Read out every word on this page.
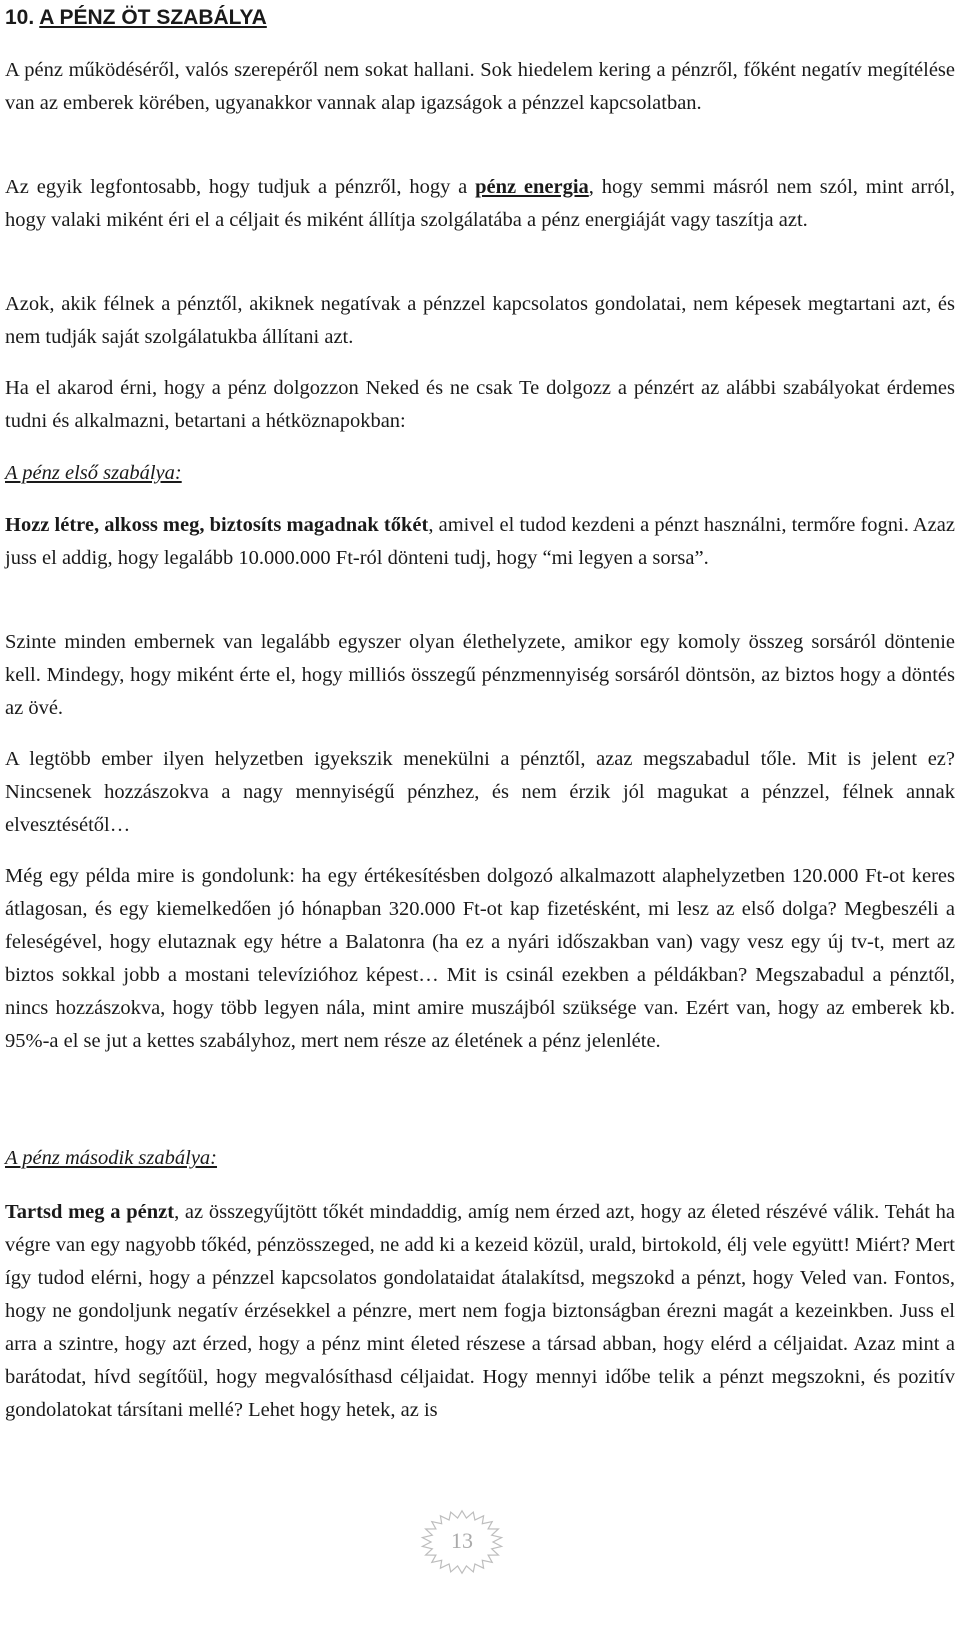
10. A PÉNZ ÖT SZABÁLYA

A pénz működéséről, valós szerepéről nem sokat hallani. Sok hiedelem kering a pénzről, főként negatív megítélése van az emberek körében, ugyanakkor vannak alap igazságok a pénzzel kapcsolatban.

Az egyik legfontosabb, hogy tudjuk a pénzről, hogy a pénz energia, hogy semmi másról nem szól, mint arról, hogy valaki miként éri el a céljait és miként állítja szolgálatába a pénz energiáját vagy taszítja azt.

Azok, akik félnek a pénztől, akiknek negatívak a pénzzel kapcsolatos gondolatai, nem képesek megtartani azt, és nem tudják saját szolgálatukba állítani azt.

Ha el akarod érni, hogy a pénz dolgozzon Neked és ne csak Te dolgozz a pénzért az alábbi szabályokat érdemes tudni és alkalmazni, betartani a hétköznapokban:

A pénz első szabálya:

Hozz létre, alkoss meg, biztosíts magadnak tőkét, amivel el tudod kezdeni a pénzt használni, termőre fogni. Azaz juss el addig, hogy legalább 10.000.000 Ft-ról dönteni tudj, hogy “mi legyen a sorsa”.

Szinte minden embernek van legalább egyszer olyan élethelyzete, amikor egy komoly összeg sorsáról döntenie kell. Mindegy, hogy miként érte el, hogy milliós összegű pénzmennyiség sorsáról döntsön, az biztos hogy a döntés az övé.

A legtöbb ember ilyen helyzetben igyekszik menekülni a pénztől, azaz megszabadul tőle. Mit is jelent ez? Nincsenek hozzászokva a nagy mennyiségű pénzhez, és nem érzik jól magukat a pénzzel, félnek annak elvesztésétől…

Még egy példa mire is gondolunk: ha egy értékesítésben dolgozó alkalmazott alaphelyzetben 120.000 Ft-ot keres átlagosan, és egy kiemelkedően jó hónapban 320.000 Ft-ot kap fizetésként, mi lesz az első dolga? Megbeszéli a feleségével, hogy elutaznak egy hétre a Balatonra (ha ez a nyári időszakban van) vagy vesz egy új tv-t, mert az biztos sokkal jobb a mostani televízióhoz képest… Mit is csinál ezekben a példákban? Megszabadul a pénztől, nincs hozzászokva, hogy több legyen nála, mint amire muszájból szüksége van. Ezért van, hogy az emberek kb. 95%-a el se jut a kettes szabályhoz, mert nem része az életének a pénz jelenléte.

A pénz második szabálya:

Tartsd meg a pénzt, az összegyűjtött tőkét mindaddig, amíg nem érzed azt, hogy az életed részévé válik. Tehát ha végre van egy nagyobb tőkéd, pénzösszeged, ne add ki a kezeid közül, urald, birtokold, élj vele együtt! Miért? Mert így tudod elérni, hogy a pénzzel kapcsolatos gondolataidat átalakítsd, megszokd a pénzt, hogy Veled van. Fontos, hogy ne gondoljunk negatív érzésekkel a pénzre, mert nem fogja biztonságban érezni magát a kezeinkben. Juss el arra a szintre, hogy azt érzed, hogy a pénz mint életed részese a társad abban, hogy elérd a céljaidat. Azaz mint a barátodat, hívd segítőül, hogy megvalósíthasd céljaidat. Hogy mennyi időbe telik a pénzt megszokni, és pozitív gondolatokat társítani mellé? Lehet hogy hetek, az is

13
